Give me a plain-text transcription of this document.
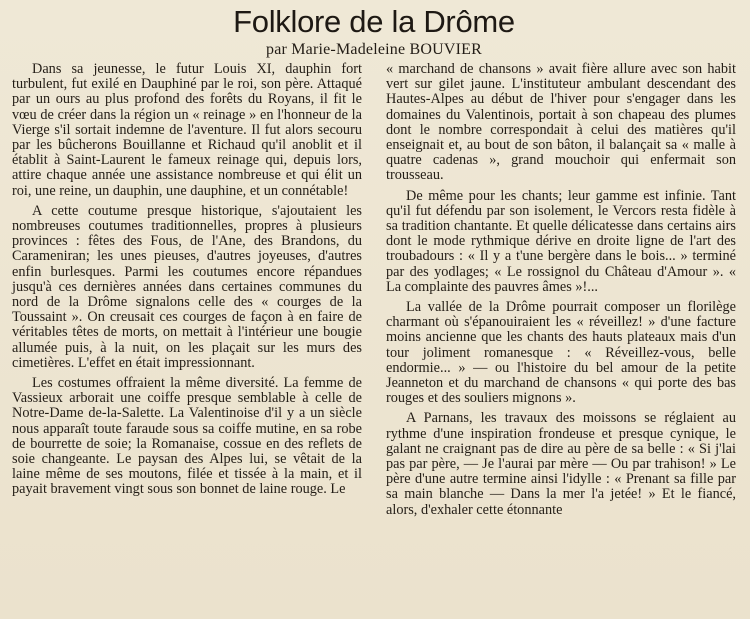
Folklore de la Drôme
par Marie-Madeleine BOUVIER

Dans sa jeunesse, le futur Louis XI, dauphin fort turbulent, fut exilé en Dauphiné par le roi, son père. Attaqué par un ours au plus profond des forêts du Royans, il fit le vœu de créer dans la région un « reinage » en l'honneur de la Vierge s'il sortait indemne de l'aventure. Il fut alors secouru par les bûcherons Bouillanne et Richaud qu'il anoblit et il établit à Saint-Laurent le fameux reinage qui, depuis lors, attire chaque année une assistance nombreuse et qui élit un roi, une reine, un dauphin, une dauphine, et un connétable!

A cette coutume presque historique, s'ajoutaient les nombreuses coutumes traditionnelles, propres à plusieurs provinces : fêtes des Fous, de l'Ane, des Brandons, du Carameniran; les unes pieuses, d'autres joyeuses, d'autres enfin burlesques. Parmi les coutumes encore répandues jusqu'à ces dernières années dans certaines communes du nord de la Drôme signalons celle des « courges de la Toussaint ». On creusait ces courges de façon à en faire de véritables têtes de morts, on mettait à l'intérieur une bougie allumée puis, à la nuit, on les plaçait sur les murs des cimetières. L'effet en était impressionnant.

Les costumes offraient la même diversité. La femme de Vassieux arborait une coiffe presque semblable à celle de Notre-Dame de-la-Salette. La Valentinoise d'il y a un siècle nous apparaît toute faraude sous sa coiffe mutine, en sa robe de bourrette de soie; la Romanaise, cossue en des reflets de soie changeante. Le paysan des Alpes lui, se vêtait de la laine même de ses moutons, filée et tissée à la main, et il payait bravement vingt sous son bonnet de laine rouge. Le

« marchand de chansons » avait fière allure avec son habit vert sur gilet jaune. L'instituteur ambulant descendant des Hautes-Alpes au début de l'hiver pour s'engager dans les domaines du Valentinois, portait à son chapeau des plumes dont le nombre correspondait à celui des matières qu'il enseignait et, au bout de son bâton, il balançait sa « malle à quatre cadenas », grand mouchoir qui enfermait son trousseau.

De même pour les chants; leur gamme est infinie. Tant qu'il fut défendu par son isolement, le Vercors resta fidèle à sa tradition chantante. Et quelle délicatesse dans certains airs dont le mode rythmique dérive en droite ligne de l'art des troubadours : « Il y a t'une bergère dans le bois... » terminé par des yodlages; « Le rossignol du Château d'Amour ». « La complainte des pauvres âmes »!...

La vallée de la Drôme pourrait composer un florilège charmant où s'épanouiraient les « réveillez! » d'une facture moins ancienne que les chants des hauts plateaux mais d'un tour joliment romanesque : « Réveillez-vous, belle endormie... » — ou l'histoire du bel amour de la petite Jeanneton et du marchand de chansons « qui porte des bas rouges et des souliers mignons ».

A Parnans, les travaux des moissons se réglaient au rythme d'une inspiration frondeuse et presque cynique, le galant ne craignant pas de dire au père de sa belle : « Si j'lai pas par père, — Je l'aurai par mère — Ou par trahison! » Le père d'une autre termine ainsi l'idylle : « Prenant sa fille par sa main blanche — Dans la mer l'a jetée! » Et le fiancé, alors, d'exhaler cette étonnante
